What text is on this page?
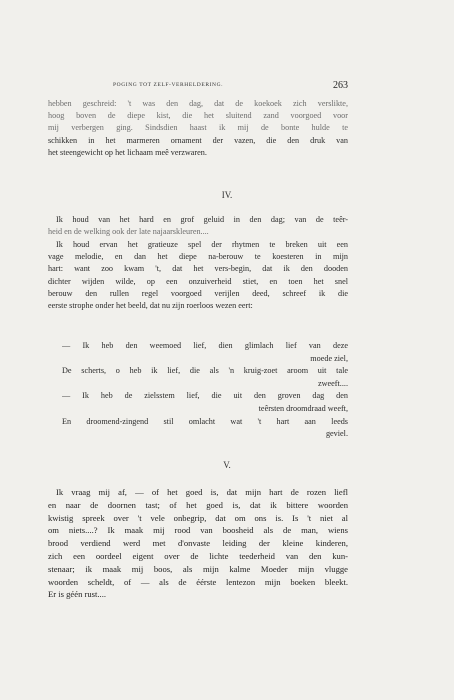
POGING TOT ZELF-VERHELDERING.	263
hebben geschreid: 't was den dag, dat de koekoek zich verslikte,
hoog boven de diepe kist, die het sluitend zand voorgoed voor
mij verbergen ging. Sindsdien haast ik mij de bonte hulde te
schikken in het marmeren ornament der vazen, die den druk van
het steengewicht op het lichaam meê verzwaren.
IV.
Ik houd van het hard en grof geluid in den dag; van de teêr-
heid en de welking ook der late najaarskleuren....
Ik houd ervan het gratieuze spel der rhytmen te breken uit een
vage melodie, en dan het diepe na-berouw te koesteren in mijn
hart: want zoo kwam 't, dat het vers-begin, dat ik den dooden
dichter wijden wilde, op een onzuiverheid stiet, en toen het snel
berouw den rullen regel voorgoed verijlen deed, schreef ik die
eerste strophe onder het beeld, dat nu zijn roerloos wezen eert:
— Ik heb den weemoed lief, dien glimlach lief van deze
moede ziel,
De scherts, o heb ik lief, die als 'n kruig-zoet aroom uit tale
zweeft....
— Ik heb de zielsstem lief, die uit den groven dag den
teêrsten droomdraad weeft,
En droomend-zingend stil omlacht wat 't hart aan leeds
geviel.
V.
Ik vraag mij af, — of het goed is, dat mijn hart de rozen liefl
en naar de doornen tast; of het goed is, dat ik bittere woorden
kwistig spreek over 't vele onbegrip, dat om ons is. Is 't niet al
om niets....? Ik maak mij rood van boosheid als de man, wiens
brood verdiend werd met d'onvaste leiding der kleine kinderen,
zich een oordeel eigent over de lichte teederheid van den kun-
stenaar; ik maak mij boos, als mijn kalme Moeder mijn vlugge
woorden scheldt, of — als de éérste lentezon mijn boeken bleekt.
Er is géén rust....
